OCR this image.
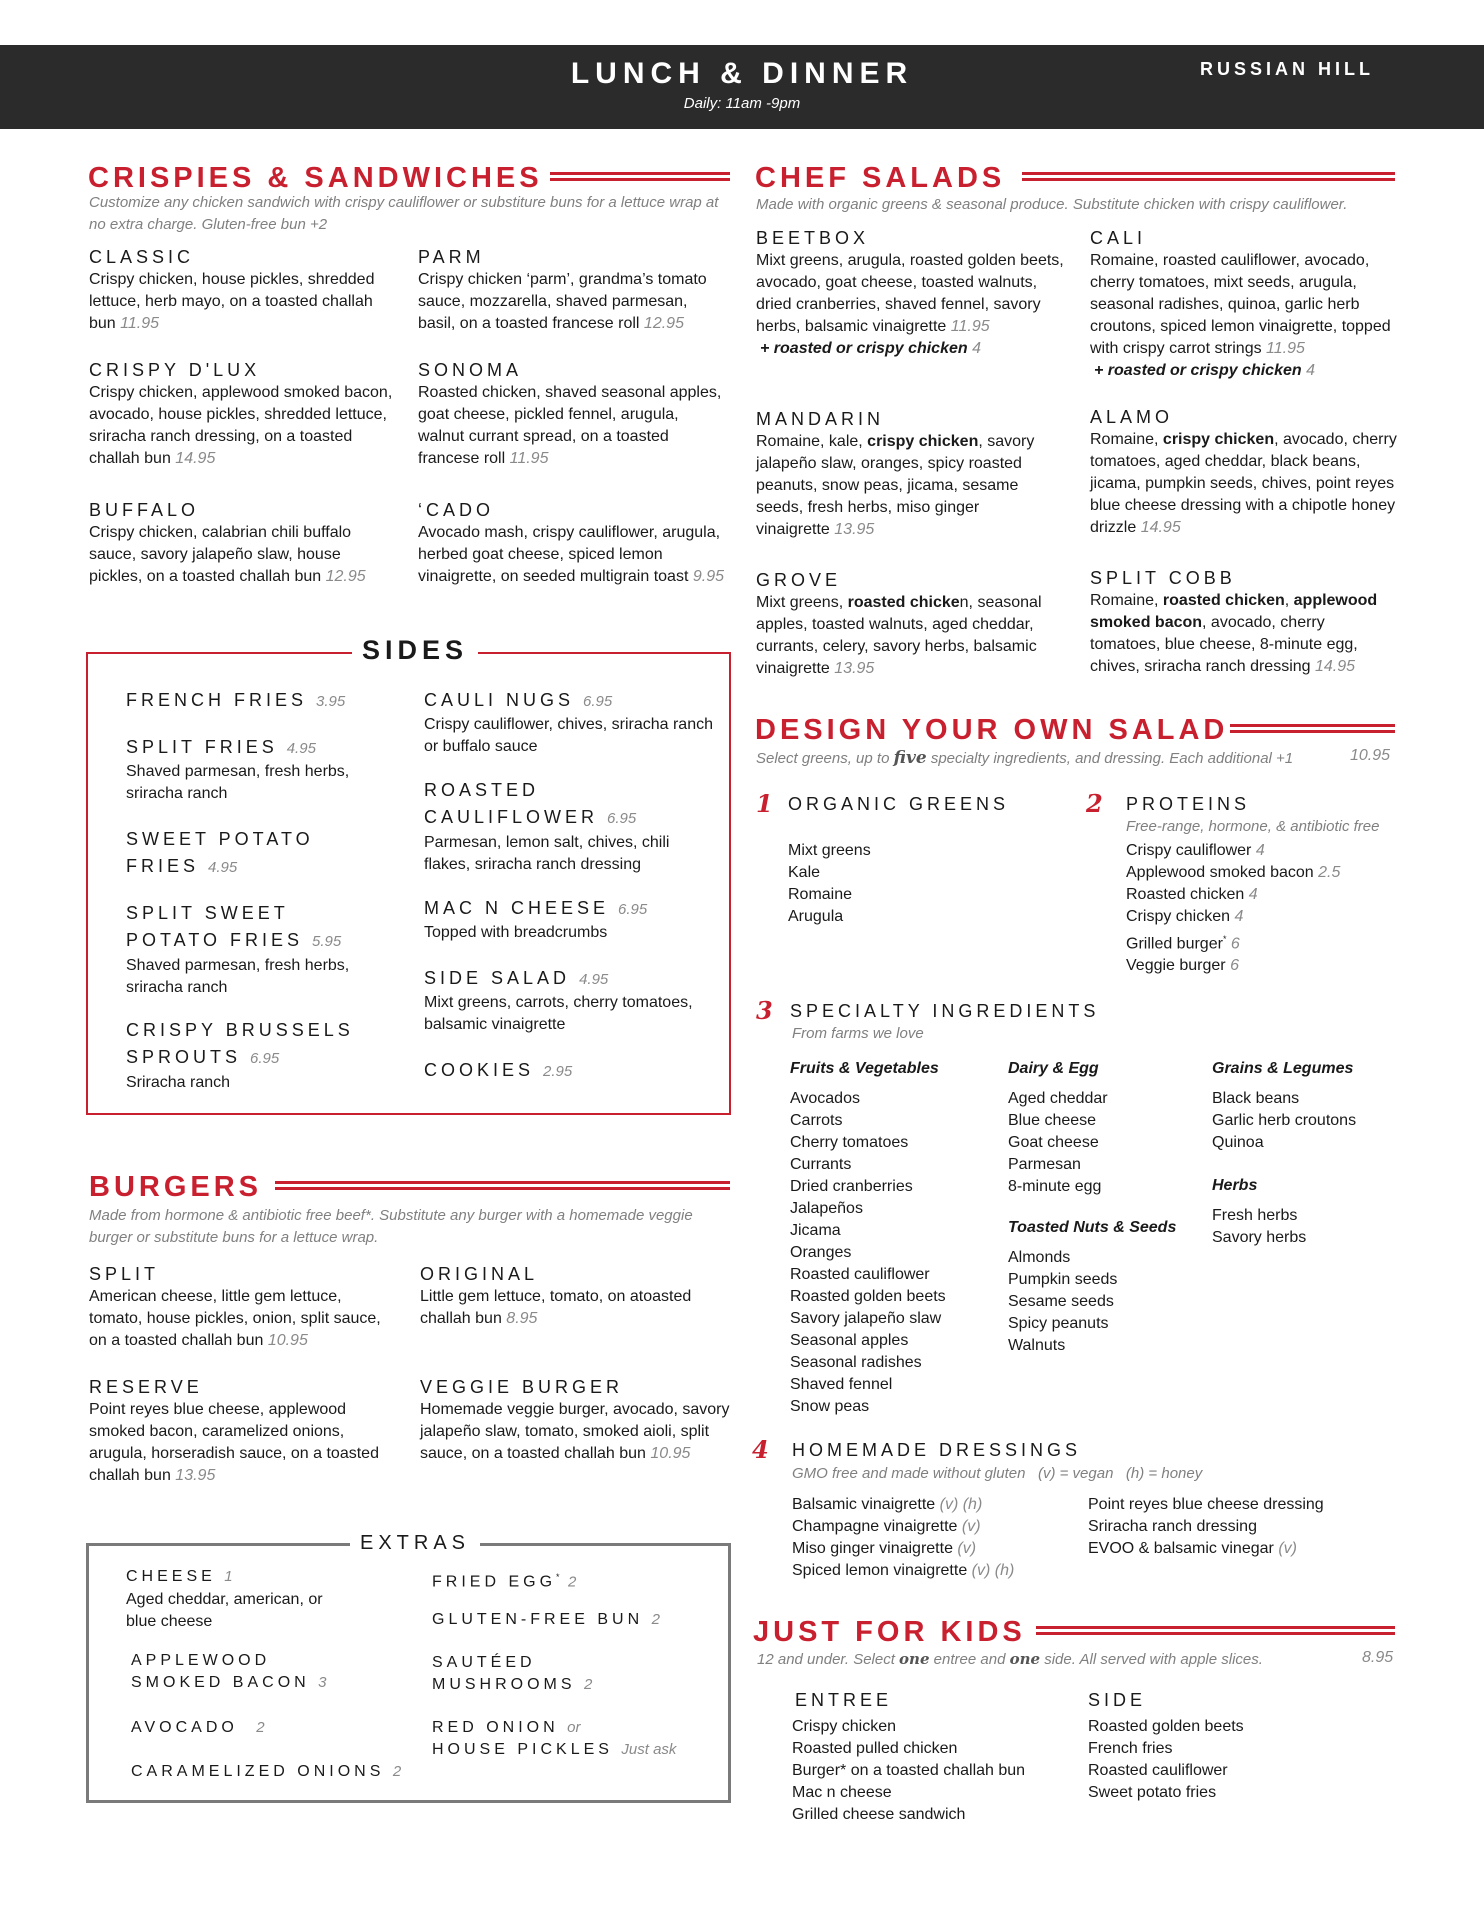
LUNCH & DINNER
Daily: 11am -9pm
RUSSIAN HILL
CRISPIES & SANDWICHES
Customize any chicken sandwich with crispy cauliflower or substiture buns for a lettuce wrap at no extra charge. Gluten-free bun +2
CLASSIC
Crispy chicken, house pickles, shredded lettuce, herb mayo, on a toasted challah bun 11.95
PARM
Crispy chicken ‘parm’, grandma’s tomato sauce, mozzarella, shaved parmesan, basil, on a toasted francese roll 12.95
CRISPY D'LUX
Crispy chicken, applewood smoked bacon, avocado, house pickles, shredded lettuce, sriracha ranch dressing, on a toasted challah bun 14.95
SONOMA
Roasted chicken, shaved seasonal apples, goat cheese, pickled fennel, arugula, walnut currant spread, on a toasted francese roll 11.95
BUFFALO
Crispy chicken, calabrian chili buffalo sauce, savory jalapeño slaw, house pickles, on a toasted challah bun 12.95
‘CADO
Avocado mash, crispy cauliflower, arugula, herbed goat cheese, spiced lemon vinaigrette, on seeded multigrain toast 9.95
SIDES
FRENCH FRIES 3.95
SPLIT FRIES 4.95
Shaved parmesan, fresh herbs, sriracha ranch
SWEET POTATO
FRIES 4.95
SPLIT SWEET
POTATO FRIES 5.95
Shaved parmesan, fresh herbs, sriracha ranch
CRISPY BRUSSELS
SPROUTS 6.95
Sriracha ranch
CAULI NUGS 6.95
Crispy cauliflower, chives, sriracha ranch or buffalo sauce
ROASTED
CAULIFLOWER 6.95
Parmesan, lemon salt, chives, chili flakes, sriracha ranch dressing
MAC N CHEESE 6.95
Topped with breadcrumbs
SIDE SALAD 4.95
Mixt greens, carrots, cherry tomatoes, balsamic vinaigrette
COOKIES 2.95
BURGERS
Made from hormone & antibiotic free beef*. Substitute any burger with a homemade veggie burger or substitute buns for a lettuce wrap.
SPLIT
American cheese, little gem lettuce, tomato, house pickles, onion, split sauce, on a toasted challah bun 10.95
ORIGINAL
Little gem lettuce, tomato, on atoasted challah bun 8.95
RESERVE
Point reyes blue cheese, applewood smoked bacon, caramelized onions, arugula, horseradish sauce, on a toasted challah bun 13.95
VEGGIE BURGER
Homemade veggie burger, avocado, savory jalapeño slaw, tomato, smoked aioli, split sauce, on a toasted challah bun 10.95
EXTRAS
CHEESE 1
Aged cheddar, american, or blue cheese
APPLEWOOD
SMOKED BACON 3
AVOCADO 2
CARAMELIZED ONIONS 2
FRIED EGG* 2
GLUTEN-FREE BUN 2
SAUTÉED
MUSHROOMS 2
RED ONION or
HOUSE PICKLES Just ask
CHEF SALADS
Made with organic greens & seasonal produce. Substitute chicken with crispy cauliflower.
BEETBOX
Mixt greens, arugula, roasted golden beets, avocado, goat cheese, toasted walnuts, dried cranberries, shaved fennel, savory herbs, balsamic vinaigrette 11.95
+ roasted or crispy chicken 4
CALI
Romaine, roasted cauliflower, avocado, cherry tomatoes, mixt seeds, arugula, seasonal radishes, quinoa, garlic herb croutons, spiced lemon vinaigrette, topped with crispy carrot strings 11.95
+ roasted or crispy chicken 4
MANDARIN
Romaine, kale, crispy chicken, savory jalapeño slaw, oranges, spicy roasted peanuts, snow peas, jicama, sesame seeds, fresh herbs, miso ginger vinaigrette 13.95
ALAMO
Romaine, crispy chicken, avocado, cherry tomatoes, aged cheddar, black beans, jicama, pumpkin seeds, chives, point reyes blue cheese dressing with a chipotle honey drizzle 14.95
GROVE
Mixt greens, roasted chicken, seasonal apples, toasted walnuts, aged cheddar, currants, celery, savory herbs, balsamic vinaigrette 13.95
SPLIT COBB
Romaine, roasted chicken, applewood smoked bacon, avocado, cherry tomatoes, blue cheese, 8-minute egg, chives, sriracha ranch dressing 14.95
DESIGN YOUR OWN SALAD
Select greens, up to five specialty ingredients, and dressing. Each additional +1	10.95
1 ORGANIC GREENS
Mixt greens
Kale
Romaine
Arugula
2 PROTEINS
Free-range, hormone, & antibiotic free
Crispy cauliflower 4
Applewood smoked bacon 2.5
Roasted chicken 4
Crispy chicken 4
Grilled burger* 6
Veggie burger 6
3 SPECIALTY INGREDIENTS
From farms we love
Fruits & Vegetables
Avocados
Carrots
Cherry tomatoes
Currants
Dried cranberries
Jalapeños
Jicama
Oranges
Roasted cauliflower
Roasted golden beets
Savory jalapeño slaw
Seasonal apples
Seasonal radishes
Shaved fennel
Snow peas
Dairy & Egg
Aged cheddar
Blue cheese
Goat cheese
Parmesan
8-minute egg
Toasted Nuts & Seeds
Almonds
Pumpkin seeds
Sesame seeds
Spicy peanuts
Walnuts
Grains & Legumes
Black beans
Garlic herb croutons
Quinoa
Herbs
Fresh herbs
Savory herbs
4 HOMEMADE DRESSINGS
GMO free and made without gluten   (v) = vegan   (h) = honey
Balsamic vinaigrette (v) (h)
Champagne vinaigrette (v)
Miso ginger vinaigrette (v)
Spiced lemon vinaigrette (v) (h)
Point reyes blue cheese dressing
Sriracha ranch dressing
EVOO & balsamic vinegar (v)
JUST FOR KIDS
12 and under. Select one entree and one side. All served with apple slices.	8.95
ENTREE
Crispy chicken
Roasted pulled chicken
Burger* on a toasted challah bun
Mac n cheese
Grilled cheese sandwich
SIDE
Roasted golden beets
French fries
Roasted cauliflower
Sweet potato fries
